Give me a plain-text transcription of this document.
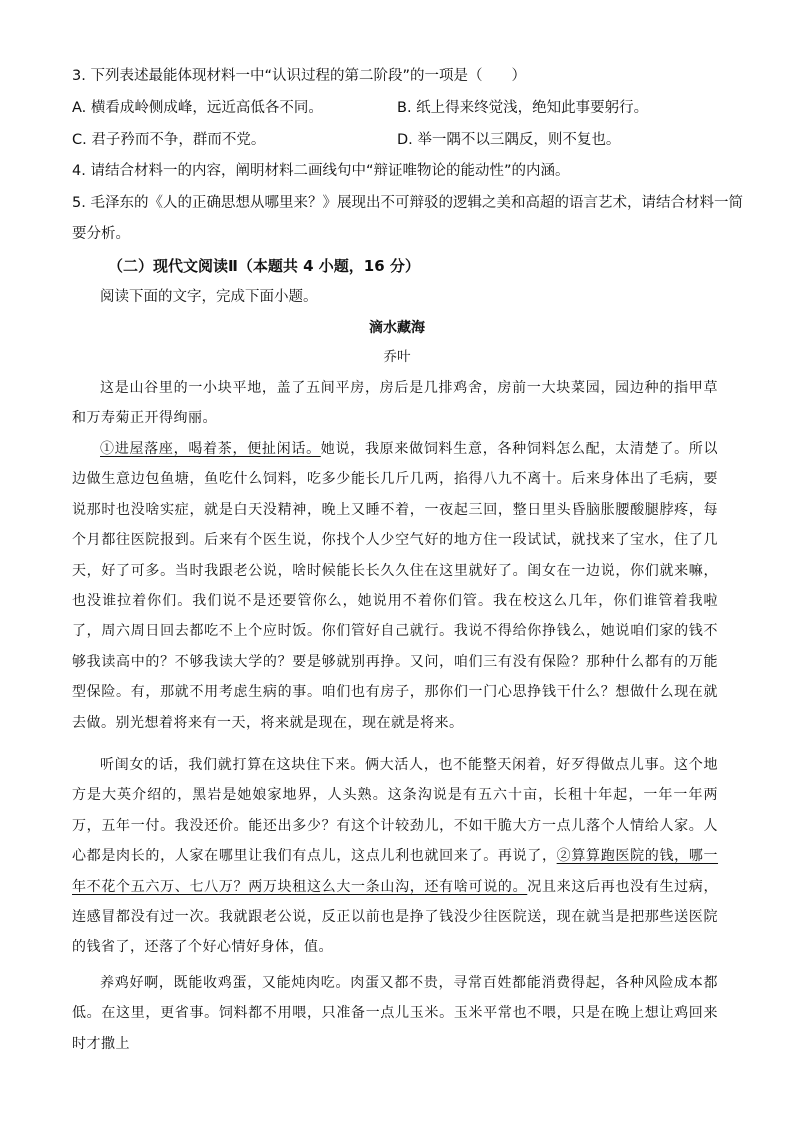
3. 下列表述最能体现材料一中“认识过程的第二阶段”的一项是（　　）
A. 横看成岭侧成峰，远近高低各不同。	B. 纸上得来终觉浅，绝知此事要躬行。
C. 君子矜而不争，群而不党。	D. 举一隅不以三隅反，则不复也。
4. 请结合材料一的内容，阐明材料二画线句中“辩证唯物论的能动性”的内涵。
5. 毛泽东的《人的正确思想从哪里来？》展现出不可辩驳的逻辑之美和高超的语言艺术，请结合材料一简
要分析。
（二）现代文阅读Ⅱ（本题共 4 小题，16 分）
阅读下面的文字，完成下面小题。
滴水藏海
乔叶

这是山谷里的一小块平地，盖了五间平房，房后是几排鸡舍，房前一大块菜园，园边种的指甲草和万寿菊正开得绚丽。

①进屋落座，喝着茶，便扯闲话。她说，我原来做饲料生意，各种饲料怎么配，太清楚了。所以边做生意边包鱼塘，鱼吃什么饲料，吃多少能长几斤几两，掐得八九不离十。后来身体出了毛病，要说那时也没啥实症，就是白天没精神，晚上又睡不着，一夜起三回，整日里头昏脑胀腰酸腿脖疼，每个月都往医院报到。后来有个医生说，你找个人少空气好的地方住一段试试，就找来了宝水，住了几天，好了可多。当时我跟老公说，啥时候能长长久久住在这里就好了。闺女在一边说，你们就来嘛，也没谁拉着你们。我们说不是还要管你么，她说用不着你们管。我在校这么几年，你们谁管着我啦了，周六周日回去都吃不上个应时饭。你们管好自己就行。我说不得给你挣钱么，她说咱们家的钱不够我读高中的？不够我读大学的？要是够就别再挣。又问，咱们三有没有保险？那种什么都有的万能型保险。有，那就不用考虑生病的事。咱们也有房子，那你们一门心思挣钱干什么？想做什么现在就去做。别光想着将来有一天，将来就是现在，现在就是将来。

听闺女的话，我们就打算在这块住下来。俩大活人，也不能整天闲着，好歹得做点儿事。这个地方是大英介绍的，黑岩是她娘家地界，人头熟。这条沟说是有五六十亩，长租十年起，一年一年两万，五年一付。我没还价。能还出多少？有这个计较劲儿，不如干脆大方一点儿落个人情给人家。人心都是肉长的，人家在哪里让我们有点儿，这点儿利也就回来了。再说了，②算算跑医院的钱，哪一年不花个五六万、七八万？两万块租这么大一条山沟，还有啥可说的。况且来这后再也没有生过病，连感冒都没有过一次。我就跟老公说，反正以前也是挣了钱没少往医院送，现在就当是把那些送医院的钱省了，还落了个好心情好身体，值。

养鸡好啊，既能收鸡蛋，又能炖肉吃。肉蛋又都不贵，寻常百姓都能消费得起，各种风险成本都低。在这里，更省事。饲料都不用喂，只准备一点儿玉米。玉米平常也不喂，只是在晚上想让鸡回来时才撒上
